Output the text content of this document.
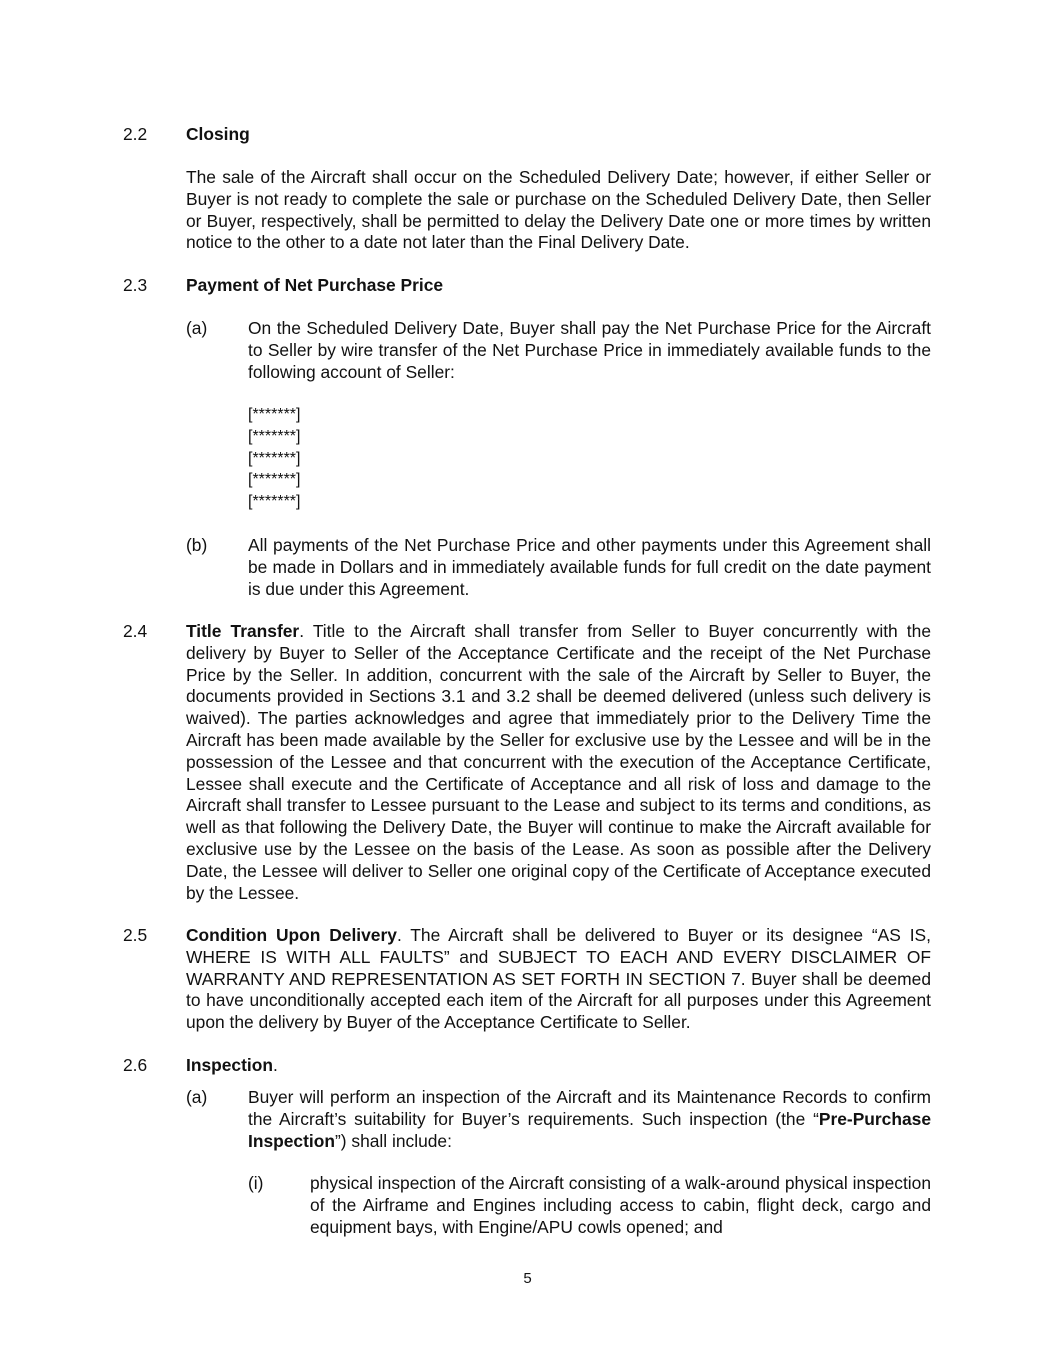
2.2	Closing
The sale of the Aircraft shall occur on the Scheduled Delivery Date; however, if either Seller or Buyer is not ready to complete the sale or purchase on the Scheduled Delivery Date, then Seller or Buyer, respectively, shall be permitted to delay the Delivery Date one or more times by written notice to the other to a date not later than the Final Delivery Date.
2.3	Payment of Net Purchase Price
(a) On the Scheduled Delivery Date, Buyer shall pay the Net Purchase Price for the Aircraft to Seller by wire transfer of the Net Purchase Price in immediately available funds to the following account of Seller:
[*******]
[*******]
[*******]
[*******]
[*******]
(b) All payments of the Net Purchase Price and other payments under this Agreement shall be made in Dollars and in immediately available funds for full credit on the date payment is due under this Agreement.
2.4	Title Transfer. Title to the Aircraft shall transfer from Seller to Buyer concurrently with the delivery by Buyer to Seller of the Acceptance Certificate and the receipt of the Net Purchase Price by the Seller. In addition, concurrent with the sale of the Aircraft by Seller to Buyer, the documents provided in Sections 3.1 and 3.2 shall be deemed delivered (unless such delivery is waived). The parties acknowledges and agree that immediately prior to the Delivery Time the Aircraft has been made available by the Seller for exclusive use by the Lessee and will be in the possession of the Lessee and that concurrent with the execution of the Acceptance Certificate, Lessee shall execute and the Certificate of Acceptance and all risk of loss and damage to the Aircraft shall transfer to Lessee pursuant to the Lease and subject to its terms and conditions, as well as that following the Delivery Date, the Buyer will continue to make the Aircraft available for exclusive use by the Lessee on the basis of the Lease. As soon as possible after the Delivery Date, the Lessee will deliver to Seller one original copy of the Certificate of Acceptance executed by the Lessee.
2.5	Condition Upon Delivery. The Aircraft shall be delivered to Buyer or its designee “AS IS, WHERE IS WITH ALL FAULTS” and SUBJECT TO EACH AND EVERY DISCLAIMER OF WARRANTY AND REPRESENTATION AS SET FORTH IN SECTION 7. Buyer shall be deemed to have unconditionally accepted each item of the Aircraft for all purposes under this Agreement upon the delivery by Buyer of the Acceptance Certificate to Seller.
2.6	Inspection.
(a) Buyer will perform an inspection of the Aircraft and its Maintenance Records to confirm the Aircraft’s suitability for Buyer’s requirements. Such inspection (the “Pre-Purchase Inspection”) shall include:
(i)	physical inspection of the Aircraft consisting of a walk-around physical inspection of the Airframe and Engines including access to cabin, flight deck, cargo and equipment bays, with Engine/APU cowls opened; and
5
